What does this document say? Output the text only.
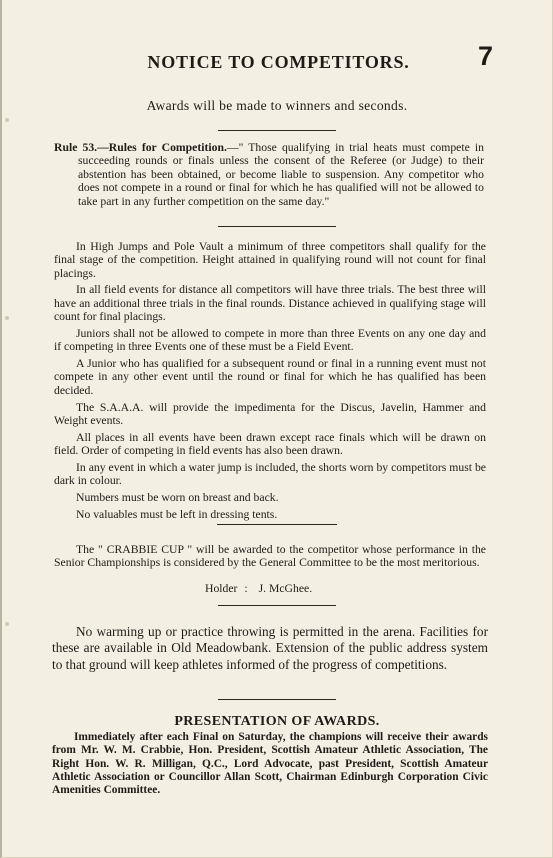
NOTICE TO COMPETITORS.	7
Awards will be made to winners and seconds.
Rule 53.—Rules for Competition.—" Those qualifying in trial heats must compete in succeeding rounds or finals unless the consent of the Referee (or Judge) to their abstention has been obtained, or become liable to suspension. Any competitor who does not compete in a round or final for which he has qualified will not be allowed to take part in any further competition on the same day."

In High Jumps and Pole Vault a minimum of three competitors shall qualify for the final stage of the competition. Height attained in qualifying round will not count for final placings.

In all field events for distance all competitors will have three trials. The best three will have an additional three trials in the final rounds. Distance achieved in qualifying stage will count for final placings.

Juniors shall not be allowed to compete in more than three Events on any one day and if competing in three Events one of these must be a Field Event.

A Junior who has qualified for a subsequent round or final in a running event must not compete in any other event until the round or final for which he has qualified has been decided.

The S.A.A.A. will provide the impedimenta for the Discus, Javelin, Hammer and Weight events.

All places in all events have been drawn except race finals which will be drawn on field. Order of competing in field events has also been drawn.

In any event in which a water jump is included, the shorts worn by competitors must be dark in colour.

Numbers must be worn on breast and back.

No valuables must be left in dressing tents.

The " CRABBIE CUP " will be awarded to the competitor whose performance in the Senior Championships is considered by the General Committee to be the most meritorious.

Holder : J. McGhee.

No warming up or practice throwing is permitted in the arena. Facilities for these are available in Old Meadowbank. Extension of the public address system to that ground will keep athletes informed of the progress of competitions.

PRESENTATION OF AWARDS.

Immediately after each Final on Saturday, the champions will receive their awards from Mr. W. M. Crabbie, Hon. President, Scottish Amateur Athletic Association, The Right Hon. W. R. Milligan, Q.C., Lord Advocate, past President, Scottish Amateur Athletic Association or Councillor Allan Scott, Chairman Edinburgh Corporation Civic Amenities Committee.
